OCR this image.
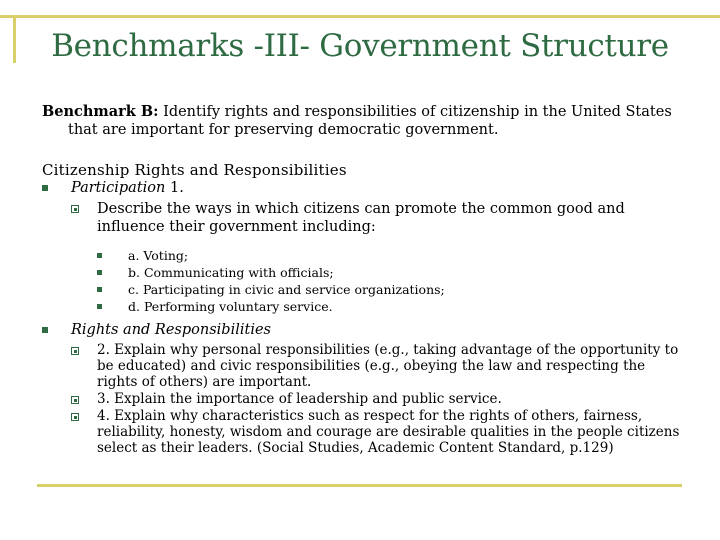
Benchmarks -III- Government Structure

Benchmark B: Identify rights and responsibilities of citizenship in the United States that are important for preserving democratic government.

Citizenship Rights and Responsibilities
Participation 1.
Describe the ways in which citizens can promote the common good and influence their government including:
a. Voting;
b. Communicating with officials;
c. Participating in civic and service organizations;
d. Performing voluntary service.
Rights and Responsibilities
2. Explain why personal responsibilities (e.g., taking advantage of the opportunity to be educated) and civic responsibilities (e.g., obeying the law and respecting the rights of others) are important.
3. Explain the importance of leadership and public service.
4. Explain why characteristics such as respect for the rights of others, fairness, reliability, honesty, wisdom and courage are desirable qualities in the people citizens select as their leaders. (Social Studies, Academic Content Standard, p.129)
